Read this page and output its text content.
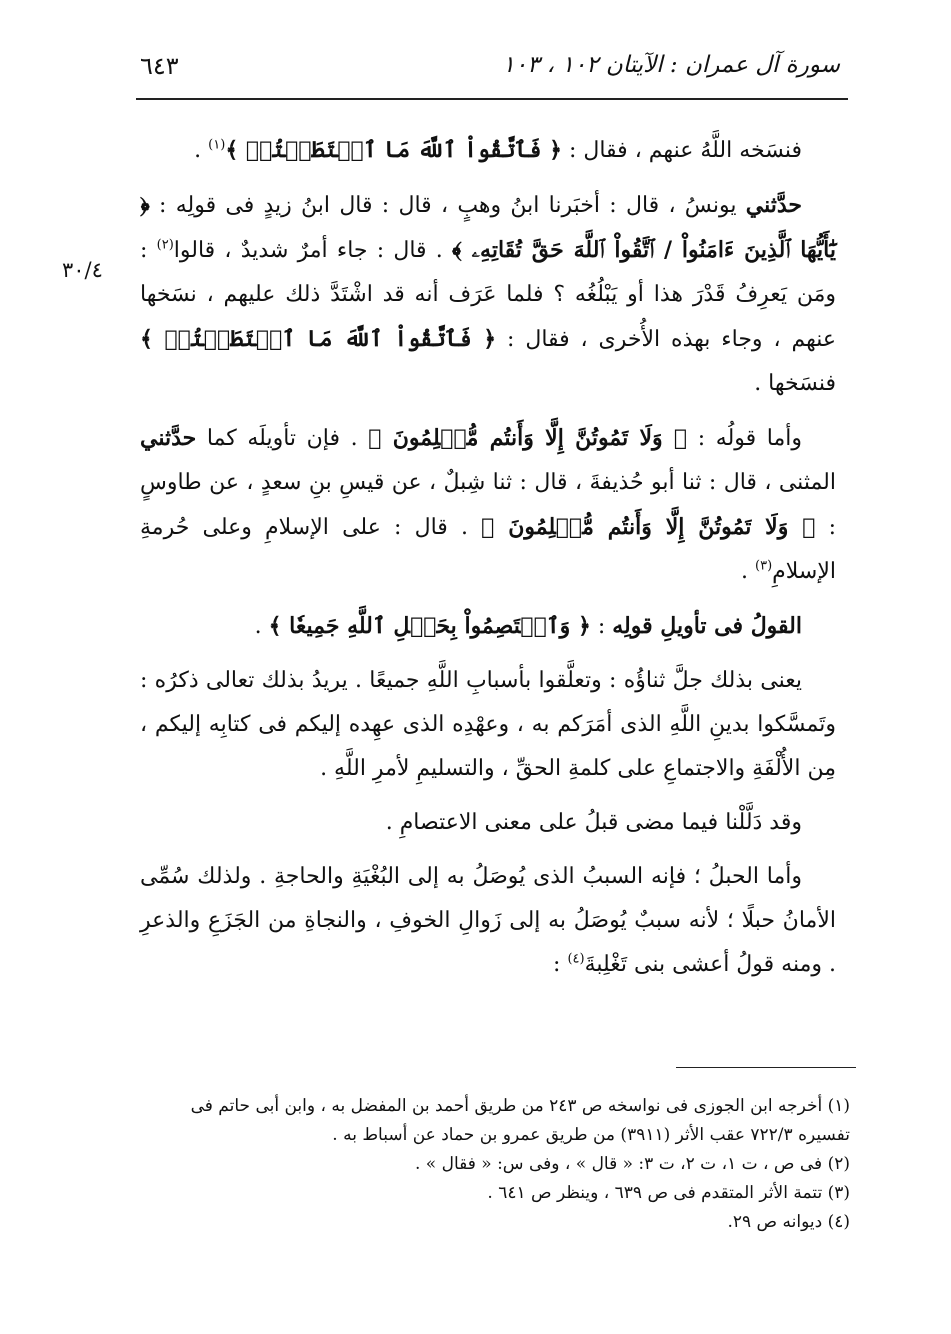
٦٤٣	سورة آل عمران : الآيتان ١٠٢ ، ١٠٣
٣٠/٤

فنسَخه اللَّهُ عنهم ، فقال : ﴿ فَٱتَّقُواْ ٱللَّهَ مَا ٱسۡتَطَعۡتُمۡ ﴾$^{(١)}$ .

حدَّثني يونسُ ، قال : أخبَرنا ابنُ وهبٍ ، قال : قال ابنُ زيدٍ فى قولِه : ﴿ يَٰٓأَيُّهَا ٱلَّذِينَ ءَامَنُواْ / ٱتَّقُواْ ٱللَّهَ حَقَّ تُقَاتِهِۦ ﴾ . قال : جاء أمرٌ شديدٌ ، قالوا$^{(٢)}$ : ومَن يَعرِفُ قَدْرَ هذا أو يَبْلُغُه ؟ فلما عَرَف أنه قد اشْتَدَّ ذلك عليهم ، نسَخها عنهم ، وجاء بهذه الأُخرى ، فقال : ﴿ فَٱتَّقُواْ ٱللَّهَ مَا ٱسۡتَطَعۡتُمۡ ﴾ فنسَخها .

وأما قولُه : ﴿ وَلَا تَمُوتُنَّ إِلَّا وَأَنتُم مُّسۡلِمُونَ ﴾ . فإن تأويلَه كما حدَّثني المثنى ، قال : ثنا أبو حُذيفةَ ، قال : ثنا شِبلٌ ، عن قيسِ بنِ سعدٍ ، عن طاوسٍ : ﴿ وَلَا تَمُوتُنَّ إِلَّا وَأَنتُم مُّسۡلِمُونَ ﴾ . قال : على الإسلامِ وعلى حُرمةِ الإسلامِ$^{(٣)}$ .

القولُ فى تأويلِ قولِه : ﴿ وَٱعۡتَصِمُواْ بِحَبۡلِ ٱللَّهِ جَمِيعٗا ﴾ .

يعنى بذلك جلَّ ثناؤُه : وتعلَّقوا بأسبابِ اللَّهِ جميعًا . يريدُ بذلك تعالى ذكرُه : وتَمسَّكوا بدينِ اللَّهِ الذى أمَرَكم به ، وعهْدِه الذى عهِده إليكم فى كتابِه إليكم ، مِن الأُلْفَةِ والاجتماعِ على كلمةِ الحقِّ ، والتسليمِ لأمرِ اللَّهِ .

وقد دَلَّلْنا فيما مضى قبلُ على معنى الاعتصامِ .

وأما الحبلُ ؛ فإنه السببُ الذى يُوصَلُ به إلى البُغْيَةِ والحاجةِ . ولذلك سُمِّى الأمانُ حبلًا ؛ لأنه سببٌ يُوصَلُ به إلى زَوالِ الخوفِ ، والنجاةِ من الجَزَعِ والذعرِ . ومنه قولُ أعشى بنى تَغْلِبةَ$^{(٤)}$ :

(١) أخرجه ابن الجوزى فى نواسخه ص ٢٤٣ من طريق أحمد بن المفضل به ، وابن أبى حاتم فى تفسيره ٧٢٢/٣ عقب الأثر (٣٩١١) من طريق عمرو بن حماد عن أسباط به .
(٢) فى ص ، ت ١، ت ٢، ت ٣: « قال » ، وفى س: « فقال » .
(٣) تتمة الأثر المتقدم فى ص ٦٣٩ ، وينظر ص ٦٤١ .
(٤) ديوانه ص ٢٩.
